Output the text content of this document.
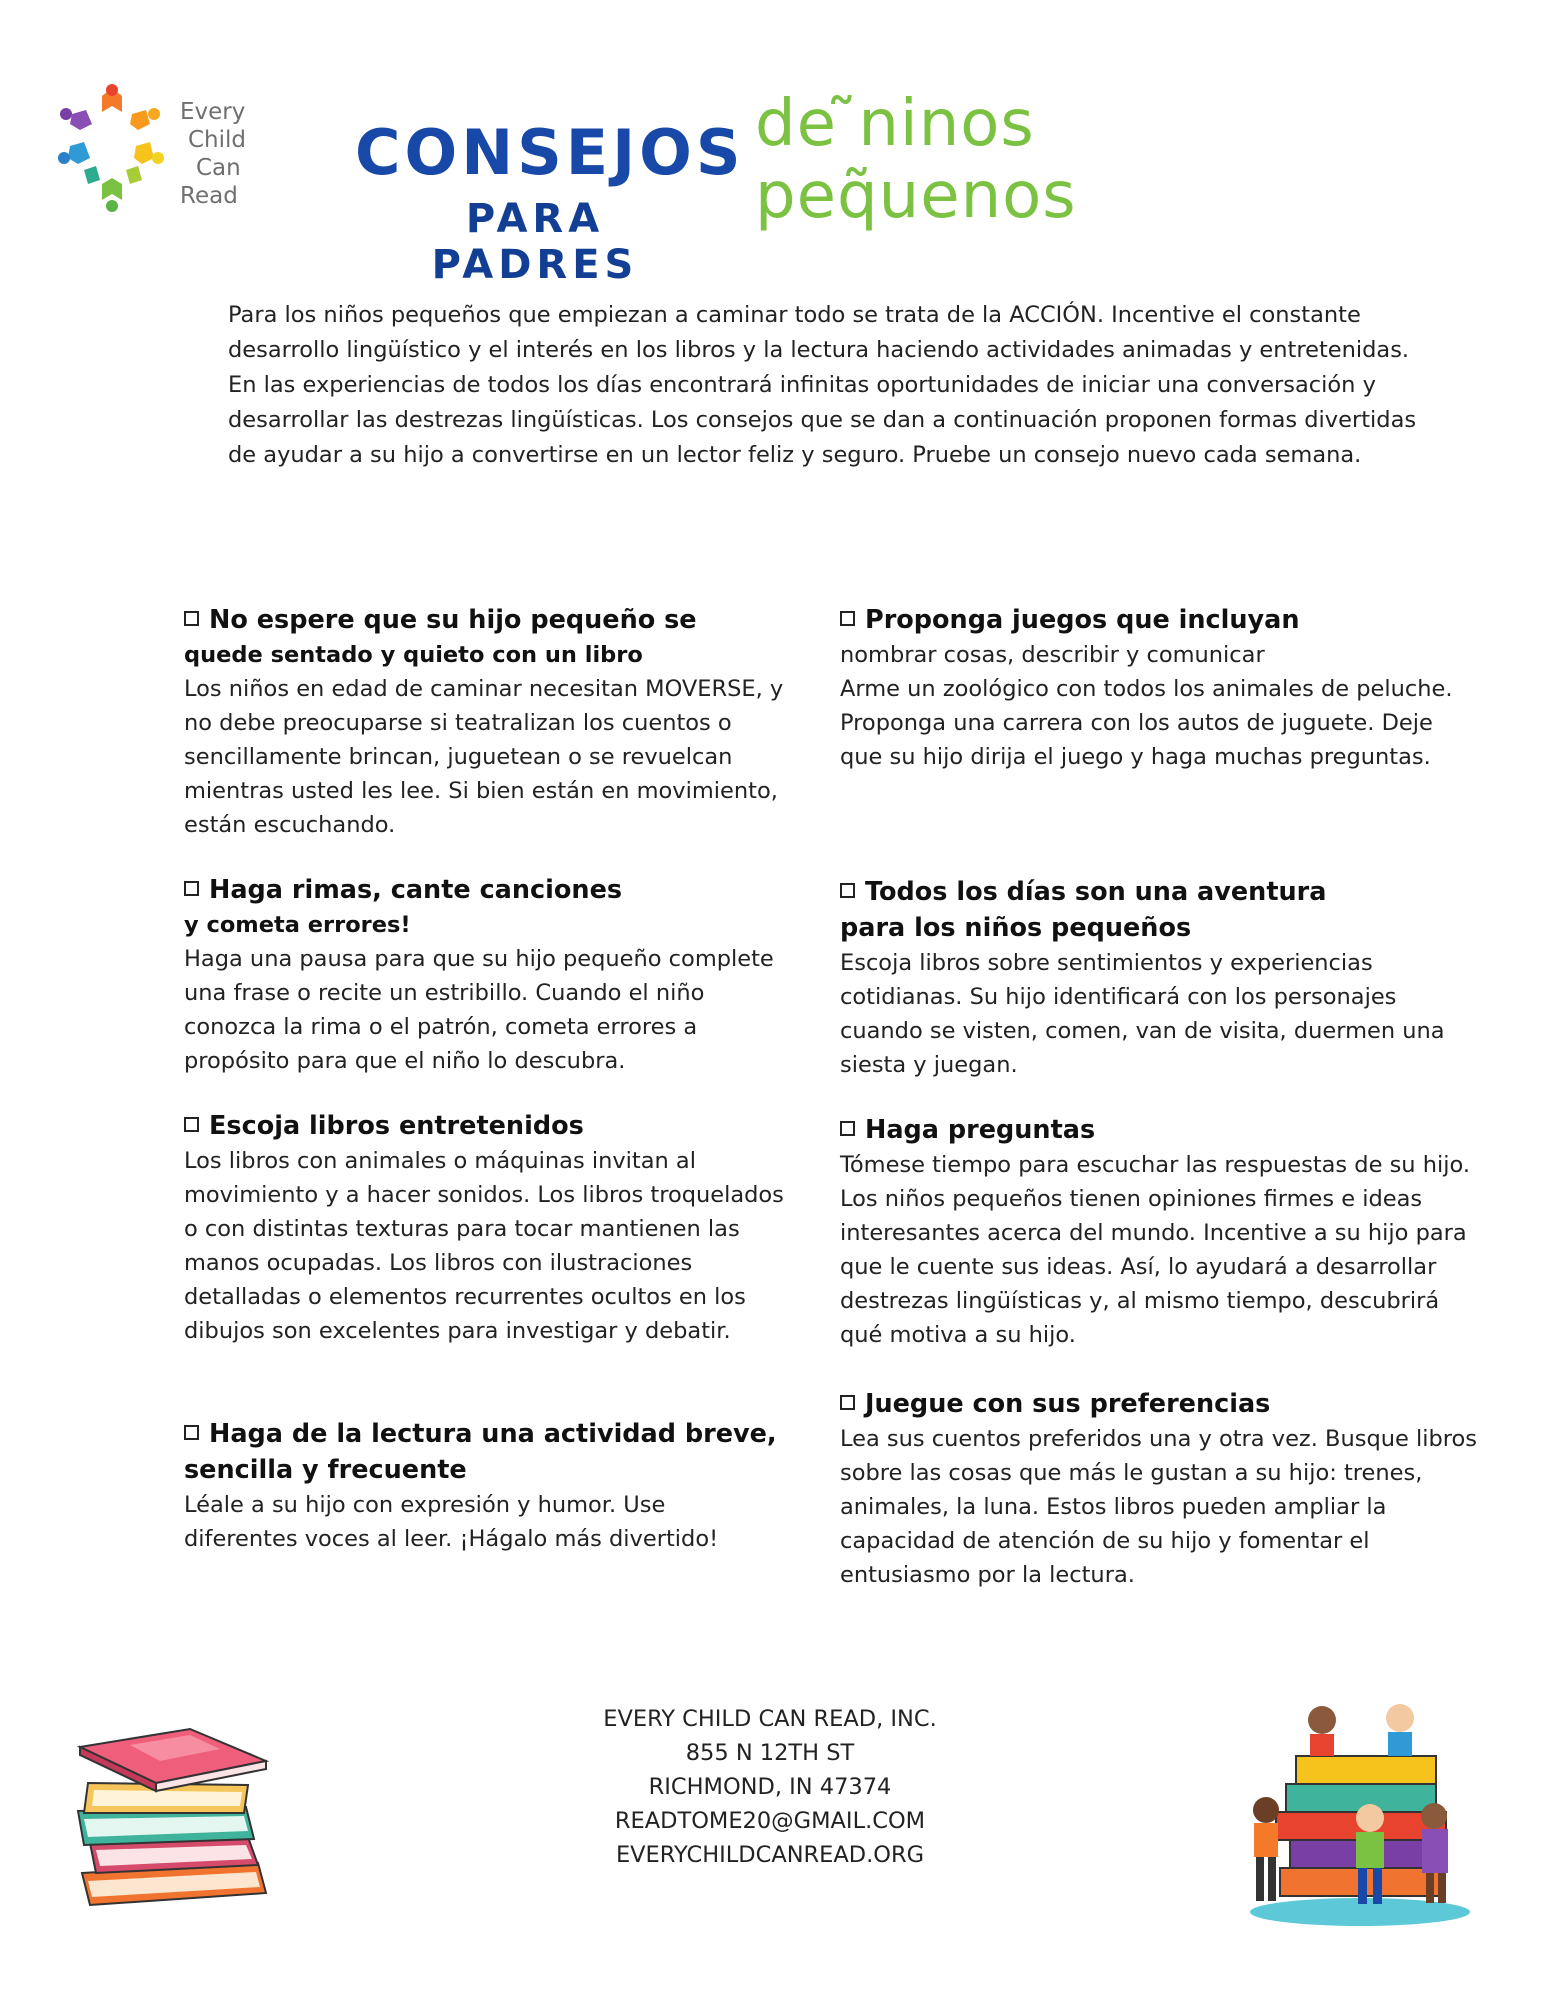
Every
Child
Can
Read
CONSEJOS
PARA PADRES
de ̃ninos
peq̃uenos

Para los niños pequeños que empiezan a caminar todo se trata de la ACCIÓN. Incentive el constante desarrollo lingüístico y el interés en los libros y la lectura haciendo actividades animadas y entretenidas. En las experiencias de todos los días encontrará infinitas oportunidades de iniciar una conversación y desarrollar las destrezas lingüísticas. Los consejos que se dan a continuación proponen formas divertidas de ayudar a su hijo a convertirse en un lector feliz y seguro. Pruebe un consejo nuevo cada semana.

No espere que su hijo pequeño se
quede sentado y quieto con un libro
Los niños en edad de caminar necesitan MOVERSE, y no debe preocuparse si teatralizan los cuentos o sencillamente brincan, juguetean o se revuelcan mientras usted les lee. Si bien están en movimiento, están escuchando.
Haga rimas, cante canciones
y cometa errores!
Haga una pausa para que su hijo pequeño complete una frase o recite un estribillo. Cuando el niño conozca la rima o el patrón, cometa errores a propósito para que el niño lo descubra.
Escoja libros entretenidos
Los libros con animales o máquinas invitan al movimiento y a hacer sonidos. Los libros troquelados o con distintas texturas para tocar mantienen las manos ocupadas. Los libros con ilustraciones detalladas o elementos recurrentes ocultos en los dibujos son excelentes para investigar y debatir.
Haga de la lectura una actividad breve,
sencilla y frecuente
Léale a su hijo con expresión y humor. Use diferentes voces al leer. ¡Hágalo más divertido!
Proponga juegos que incluyan
nombrar cosas, describir y comunicar
Arme un zoológico con todos los animales de peluche. Proponga una carrera con los autos de juguete. Deje que su hijo dirija el juego y haga muchas preguntas.
Todos los días son una aventura
para los niños pequeños
Escoja libros sobre sentimientos y experiencias cotidianas. Su hijo identificará con los personajes cuando se visten, comen, van de visita, duermen una siesta y juegan.
Haga preguntas
Tómese tiempo para escuchar las respuestas de su hijo. Los niños pequeños tienen opiniones firmes e ideas interesantes acerca del mundo. Incentive a su hijo para que le cuente sus ideas. Así, lo ayudará a desarrollar destrezas lingüísticas y, al mismo tiempo, descubrirá qué motiva a su hijo.
Juegue con sus preferencias
Lea sus cuentos preferidos una y otra vez. Busque libros sobre las cosas que más le gustan a su hijo: trenes, animales, la luna. Estos libros pueden ampliar la capacidad de atención de su hijo y fomentar el entusiasmo por la lectura.
EVERY CHILD CAN READ, INC.
855 N 12TH ST
RICHMOND, IN 47374
READTOME20@GMAIL.COM
EVERYCHILDCANREAD.ORG
